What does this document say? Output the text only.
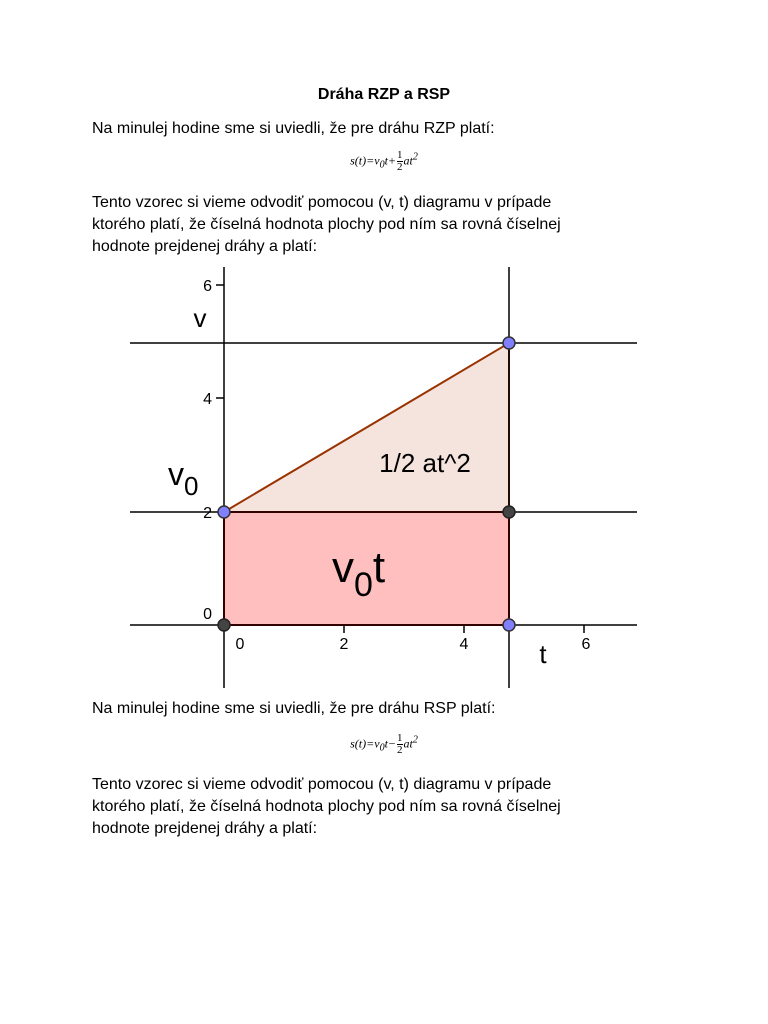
Dráha RZP a RSP

Na minulej hodine sme si uviedli, že pre dráhu RZP platí:

$s(t)=v_0t+ \frac{1}{2} at^2$

Tento vzorec si vieme odvodiť pomocou (v, t) diagramu v prípade
ktorého platí, že číselná hodnota plochy pod ním sa rovná číselnej
hodnote prejdenej dráhy a platí:

6
4
2
0
0	2	4	6
v
t
$v_0$
1/2 at^2
$v_0t$

Na minulej hodine sme si uviedli, že pre dráhu RSP platí:

$s(t)=v_0t- \frac{1}{2} at^2$

Tento vzorec si vieme odvodiť pomocou (v, t) diagramu v prípade
ktorého platí, že číselná hodnota plochy pod ním sa rovná číselnej
hodnote prejdenej dráhy a platí:
